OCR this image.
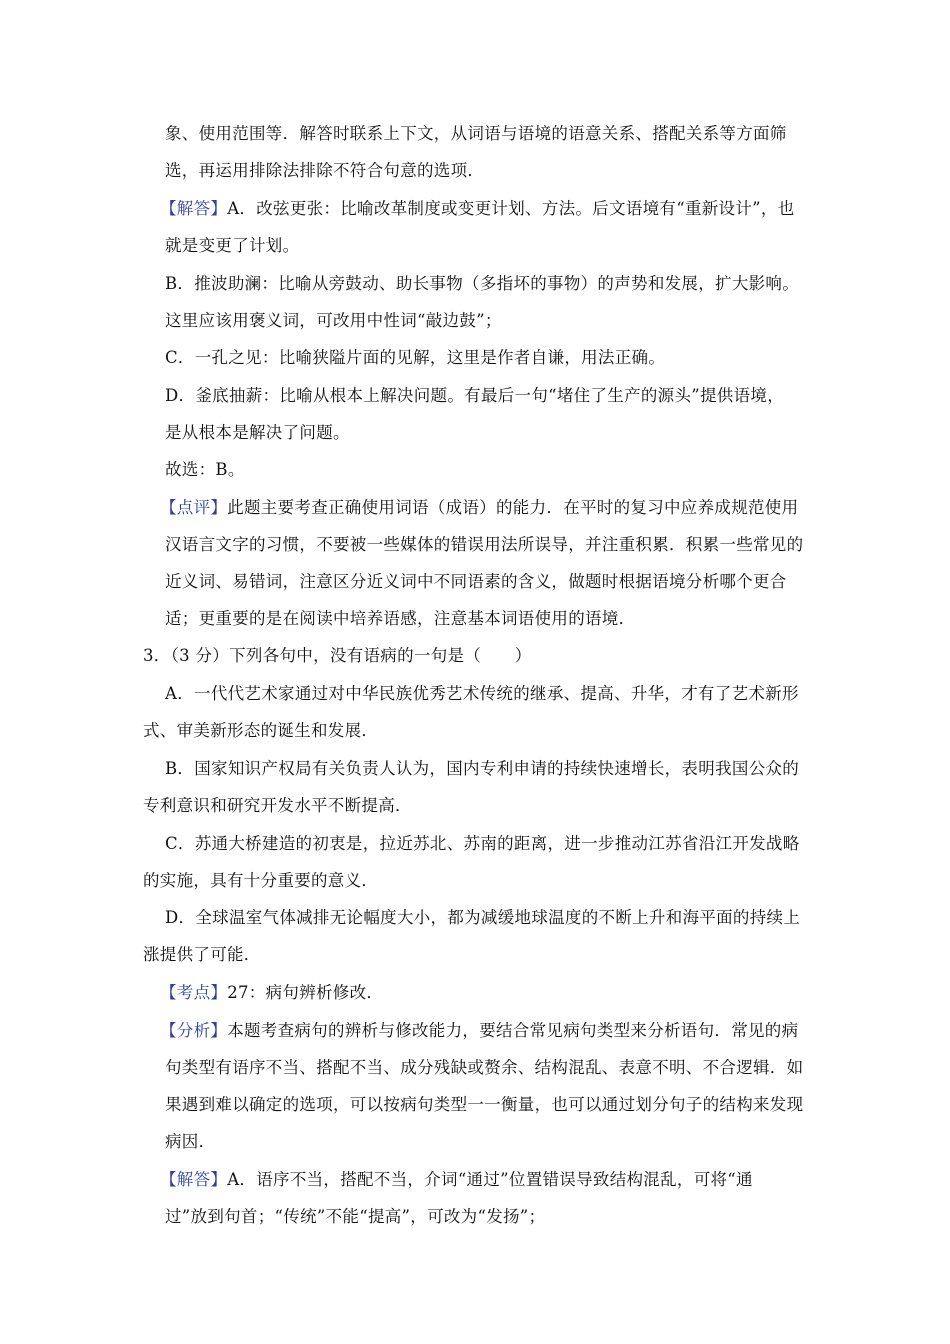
象、使用范围等．解答时联系上下文，从词语与语境的语意关系、搭配关系等方面筛
选，再运用排除法排除不符合句意的选项．
【解答】A．改弦更张：比喻改革制度或变更计划、方法。后文语境有“重新设计”，也
就是变更了计划。
B．推波助澜：比喻从旁鼓动、助长事物（多指坏的事物）的声势和发展，扩大影响。
这里应该用褒义词，可改用中性词“敲边鼓”；
C．一孔之见：比喻狭隘片面的见解，这里是作者自谦，用法正确。
D．釜底抽薪：比喻从根本上解决问题。有最后一句“堵住了生产的源头”提供语境，
是从根本是解决了问题。
故选：B。
【点评】此题主要考查正确使用词语（成语）的能力．在平时的复习中应养成规范使用
汉语言文字的习惯，不要被一些媒体的错误用法所误导，并注重积累．积累一些常见的
近义词、易错词，注意区分近义词中不同语素的含义，做题时根据语境分析哪个更合
适；更重要的是在阅读中培养语感，注意基本词语使用的语境．
3．（3 分）下列各句中，没有语病的一句是（　　）
A．一代代艺术家通过对中华民族优秀艺术传统的继承、提高、升华，才有了艺术新形
式、审美新形态的诞生和发展．
B．国家知识产权局有关负责人认为，国内专利申请的持续快速增长，表明我国公众的
专利意识和研究开发水平不断提高．
C．苏通大桥建造的初衷是，拉近苏北、苏南的距离，进一步推动江苏省沿江开发战略
的实施，具有十分重要的意义．
D．全球温室气体减排无论幅度大小，都为减缓地球温度的不断上升和海平面的持续上
涨提供了可能．
【考点】27：病句辨析修改．
【分析】本题考查病句的辨析与修改能力，要结合常见病句类型来分析语句．常见的病
句类型有语序不当、搭配不当、成分残缺或赘余、结构混乱、表意不明、不合逻辑．如
果遇到难以确定的选项，可以按病句类型一一衡量，也可以通过划分句子的结构来发现
病因．
【解答】A．语序不当，搭配不当，介词“通过”位置错误导致结构混乱，可将“通
过”放到句首；“传统”不能“提高”，可改为“发扬”；
